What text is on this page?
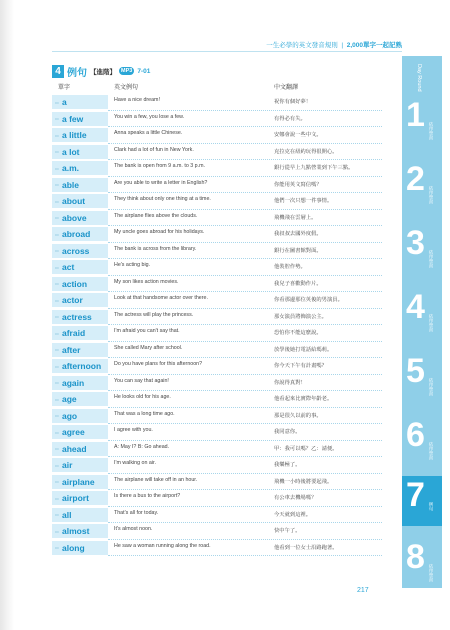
一生必學的英文發音規則  |  2,000單字一起記熟
4 例句 【進階】 MP3 7-01
單字	英文例句	中文翻譯
▭ a	Have a nice dream!	祝你有個好夢！
▭ a few	You win a few, you lose a few.	有得必有失。
▭ a little	Anna speaks a little Chinese.	安娜會說一些中文。
▭ a lot	Clark had a lot of fun in New York.	克拉克在紐約玩得很開心。
▭ a.m.	The bank is open from 9 a.m. to 3 p.m.	銀行從早上九點營業到下午三點。
▭ able	Are you able to write a letter in English?	你能用英文寫信嗎？
▭ about	They think about only one thing at a time.	他們一次只想一件事情。
▭ above	The airplane flies above the clouds.	飛機飛在雲層上。
▭ abroad	My uncle goes abroad for his holidays.	我叔叔去國外度假。
▭ across	The bank is across from the library.	銀行在圖書館對面。
▭ act	He's acting big.	他裝腔作勢。
▭ action	My son likes action movies.	我兒子喜歡動作片。
▭ actor	Look at that handsome actor over there.	你看那邊那位英俊的男演員。
▭ actress	The actress will play the princess.	那女演員將飾演公主。
▭ afraid	I'm afraid you can't say that.	恐怕你不能這麼說。
▭ after	She called Mary after school.	放學後她打電話給瑪莉。
▭ afternoon Do you have plans for this afternoon?	你今天下午有計畫嗎？
▭ again	You can say that again!	你說得真對！
▭ age	He looks old for his age.	他看起來比實際年齡老。
▭ ago	That was a long time ago.	那是很久以前的事。
▭ agree	I agree with you.	我同意你。
▭ ahead	A: May I? B: Go ahead.	甲：我可以嗎？乙：請便。
▭ air	I'm walking on air.	我樂極了。
▭ airplane	The airplane will take off in an hour.	飛機一小時後將要起飛。
▭ airport	Is there a bus to the airport?	有公車去機場嗎？
▭ all	That's all for today.	今天就到這裡。
▭ almost	It's almost noon.	快中午了。
▭ along	He saw a woman running along the road.	他看到一位女士沿路跑著。
217
Day Round
1 依序學習
2 依序學習
3 依序學習
4 依序學習
5 依序學習
6 依序學習
7 例句
8 依序學習
